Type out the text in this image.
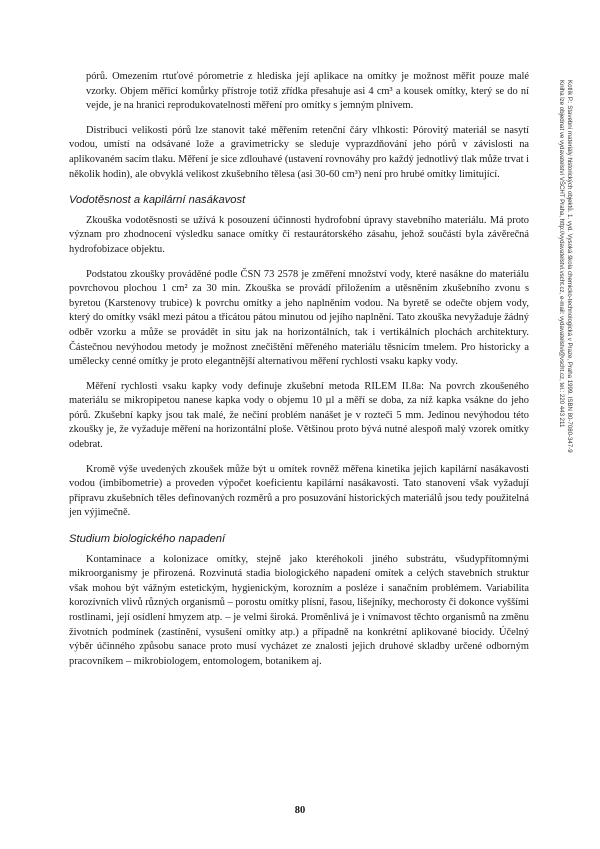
pórů. Omezením rtuťové pórometrie z hlediska její aplikace na omítky je možnost měřit pouze malé vzorky. Objem měřicí komůrky přístroje totiž zřídka přesahuje asi 4 cm³ a kousek omítky, který se do ní vejde, je na hranici reprodukovatelnosti měření pro omítky s jemným plnivem.

Distribuci velikosti pórů lze stanovit také měřením retenční čáry vlhkosti: Pórovitý materiál se nasytí vodou, umístí na odsávané lože a gravimetricky se sleduje vyprazdňování jeho pórů v závislosti na aplikovaném sacím tlaku. Měření je sice zdlouhavé (ustavení rovnováhy pro každý jednotlivý tlak může trvat i několik hodin), ale obvyklá velikost zkušebního tělesa (asi 30-60 cm³) není pro hrubé omítky limitující.

Vodotěsnost a kapilární nasákavost

Zkouška vodotěsnosti se užívá k posouzení účinnosti hydrofobní úpravy stavebního materiálu. Má proto význam pro zhodnocení výsledku sanace omítky či restaurátorského zásahu, jehož součástí byla závěrečná hydrofobizace objektu.

Podstatou zkoušky prováděné podle ČSN 73 2578 je změření množství vody, které nasákne do materiálu povrchovou plochou 1 cm² za 30 min. Zkouška se provádí přiložením a utěsněním zkušebního zvonu s byretou (Karstenovy trubice) k povrchu omítky a jeho naplněním vodou. Na byretě se odečte objem vody, který do omítky vsákl mezi pátou a třicátou pátou minutou od jejího naplnění. Tato zkouška nevyžaduje žádný odběr vzorku a může se provádět in situ jak na horizontálních, tak i vertikálních plochách architektury. Částečnou nevýhodou metody je možnost znečištění měřeného materiálu těsnicím tmelem. Pro historicky a umělecky cenné omítky je proto elegantnější alternativou měření rychlosti vsaku kapky vody.

Měření rychlosti vsaku kapky vody definuje zkušební metoda RILEM II.8a: Na povrch zkoušeného materiálu se mikropipetou nanese kapka vody o objemu 10 µl a měří se doba, za níž kapka vsákne do jeho pórů. Zkušební kapky jsou tak malé, že nečiní problém nanášet je v rozteči 5 mm. Jedinou nevýhodou této zkoušky je, že vyžaduje měření na horizontální ploše. Většinou proto bývá nutné alespoň malý vzorek omítky odebrat.

Kromě výše uvedených zkoušek může být u omítek rovněž měřena kinetika jejich kapilární nasákavosti vodou (imbibometrie) a proveden výpočet koeficientu kapilární nasákavosti. Tato stanovení však vyžadují přípravu zkušebních těles definovaných rozměrů a pro posuzování historických materiálů jsou tedy použitelná jen výjimečně.

Studium biologického napadení

Kontaminace a kolonizace omítky, stejně jako kteréhokoli jiného substrátu, všudypřítomnými mikroorganismy je přirozená. Rozvinutá stadia biologického napadení omítek a celých stavebních struktur však mohou být vážným estetickým, hygienickým, korozním a posléze i sanačním problémem. Variabilita korozívních vlivů různých organismů – porostu omítky plísní, řasou, lišejníky, mechorosty či dokonce vyššími rostlinami, její osídlení hmyzem atp. – je velmi široká. Proměnlivá je i vnímavost těchto organismů na změnu životních podmínek (zastínění, vysušení omítky atp.) a případně na konkrétní aplikované biocidy. Účelný výběr účinného způsobu sanace proto musí vycházet ze znalosti jejich druhové skladby určené odborným pracovníkem – mikrobiologem, entomologem, botanikem aj.

Kotlík P.: Stavební materiály historických objektů. 1. vyd. Vysoká škola chemicko-technologická v Praze, Praha 1999. ISBN 80-7080-347-9
Kniha lze objednat ve vydavatelství VŠCHT Praha, http://vydavatelstvi.vscht.cz, e-mail: vydavatelstvi@vscht.cz, tel.: 220 443 211
80
